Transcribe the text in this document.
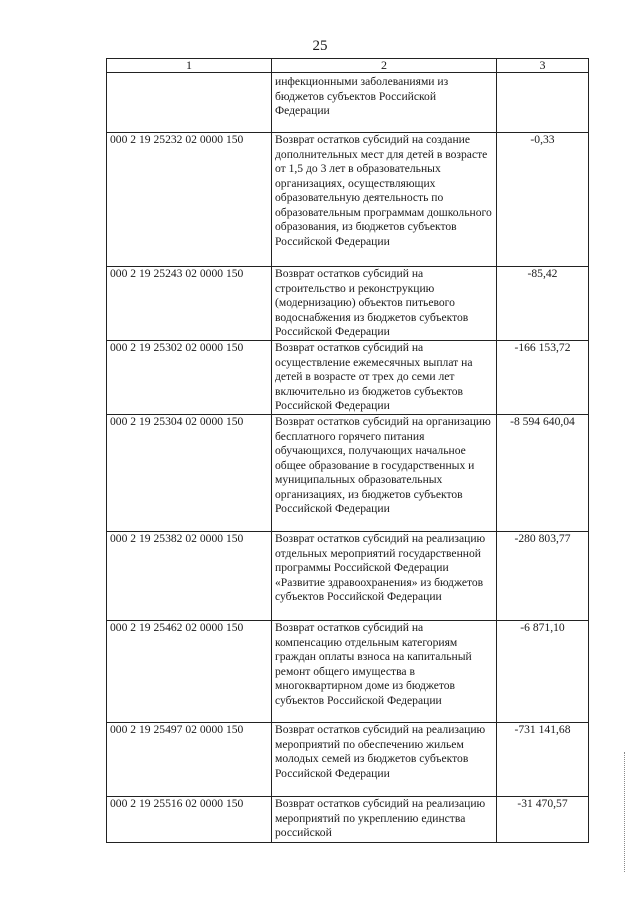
25
1	2	3
	инфекционными заболеваниями из бюджетов субъектов Российской Федерации	
000 2 19 25232 02 0000 150	Возврат остатков субсидий на создание дополнительных мест для детей в возрасте от 1,5 до 3 лет в образовательных организациях, осуществляющих образовательную деятельность по образовательным программам дошкольного образования, из бюджетов субъектов Российской Федерации	-0,33
000 2 19 25243 02 0000 150	Возврат остатков субсидий на строительство и реконструкцию (модернизацию) объектов питьевого водоснабжения из бюджетов субъектов Российской Федерации	-85,42
000 2 19 25302 02 0000 150	Возврат остатков субсидий на осуществление ежемесячных выплат на детей в возрасте от трех до семи лет включительно из бюджетов субъектов Российской Федерации	-166 153,72
000 2 19 25304 02 0000 150	Возврат остатков субсидий на организацию бесплатного горячего питания обучающихся, получающих начальное общее образование в государственных и муниципальных образовательных организациях, из бюджетов субъектов Российской Федерации	-8 594 640,04
000 2 19 25382 02 0000 150	Возврат остатков субсидий на реализацию отдельных мероприятий государственной программы Российской Федерации «Развитие здравоохранения» из бюджетов субъектов Российской Федерации	-280 803,77
000 2 19 25462 02 0000 150	Возврат остатков субсидий на компенсацию отдельным категориям граждан оплаты взноса на капитальный ремонт общего имущества в многоквартирном доме из бюджетов субъектов Российской Федерации	-6 871,10
000 2 19 25497 02 0000 150	Возврат остатков субсидий на реализацию мероприятий по обеспечению жильем молодых семей из бюджетов субъектов Российской Федерации	-731 141,68
000 2 19 25516 02 0000 150	Возврат остатков субсидий на реализацию мероприятий по укреплению единства российской	-31 470,57
